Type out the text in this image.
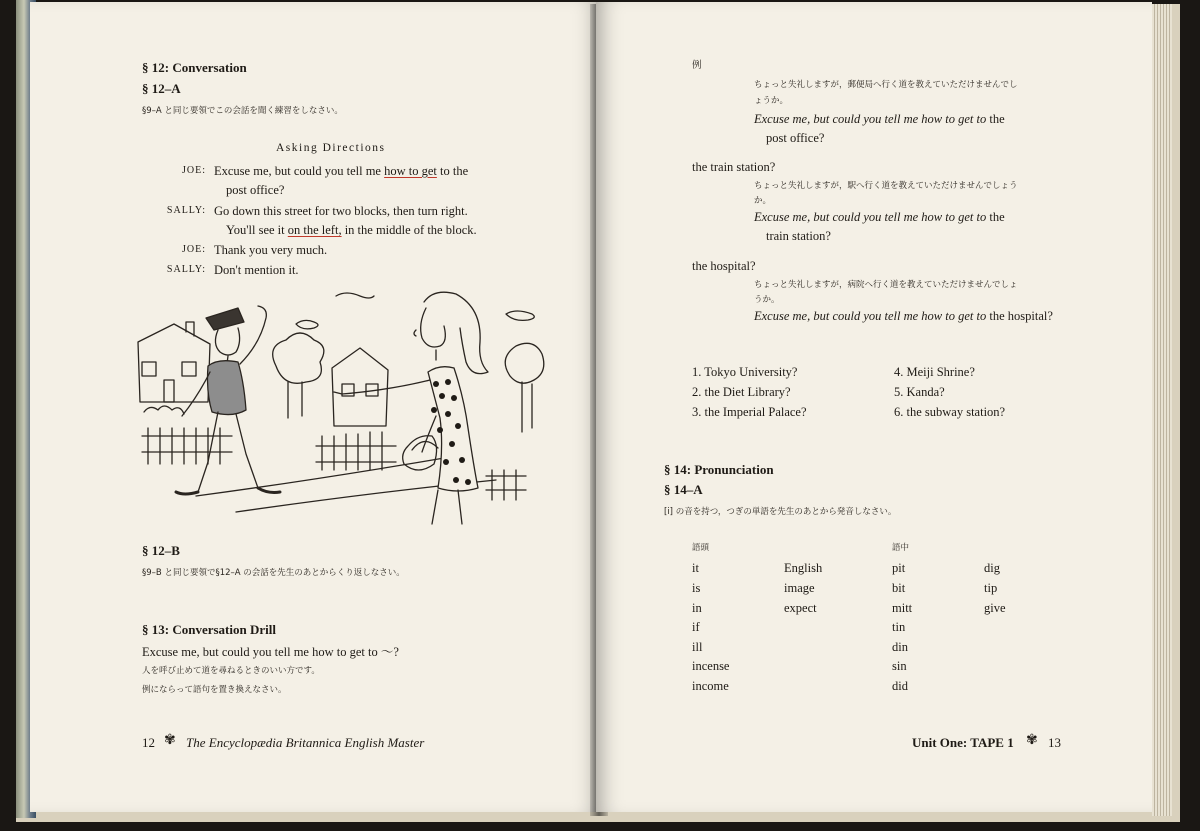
§ 12: Conversation
§ 12–A
§9–A と同じ要領でこの会話を聞く練習をしなさい。
Asking Directions
JOE: Excuse me, but could you tell me how to get to the
post office?
SALLY: Go down this street for two blocks, then turn right.
You'll see it on the left, in the middle of the block.
JOE: Thank you very much.
SALLY: Don't mention it.
§ 12–B
§9–B と同じ要領で§12–A の会話を先生のあとからくり返しなさい。
§ 13: Conversation Drill
Excuse me, but could you tell me how to get to ～?
人を呼び止めて道を尋ねるときのいい方です。
例にならって語句を置き換えなさい。
12 ✾ The Encyclopædia Britannica English Master
例
ちょっと失礼しますが，郵便局へ行く道を教えていただけませんでし
ょうか。
Excuse me, but could you tell me how to get to the
post office?
the train station?
ちょっと失礼しますが，駅へ行く道を教えていただけませんでしょう
か。
Excuse me, but could you tell me how to get to the
train station?
the hospital?
ちょっと失礼しますが，病院へ行く道を教えていただけませんでしょ
うか。
Excuse me, but could you tell me how to get to the hospital?
1. Tokyo University?
2. the Diet Library?
3. the Imperial Palace?
4. Meiji Shrine?
5. Kanda?
6. the subway station?
§ 14: Pronunciation
§ 14–A
[i] の音を持つ，つぎの単語を先生のあとから発音しなさい。
語頭	語中
it
is
in
if
ill
incense
income
English
image
expect
pit
bit
mitt
tin
din
sin
did
dig
tip
give
Unit One: TAPE 1 ✾ 13
